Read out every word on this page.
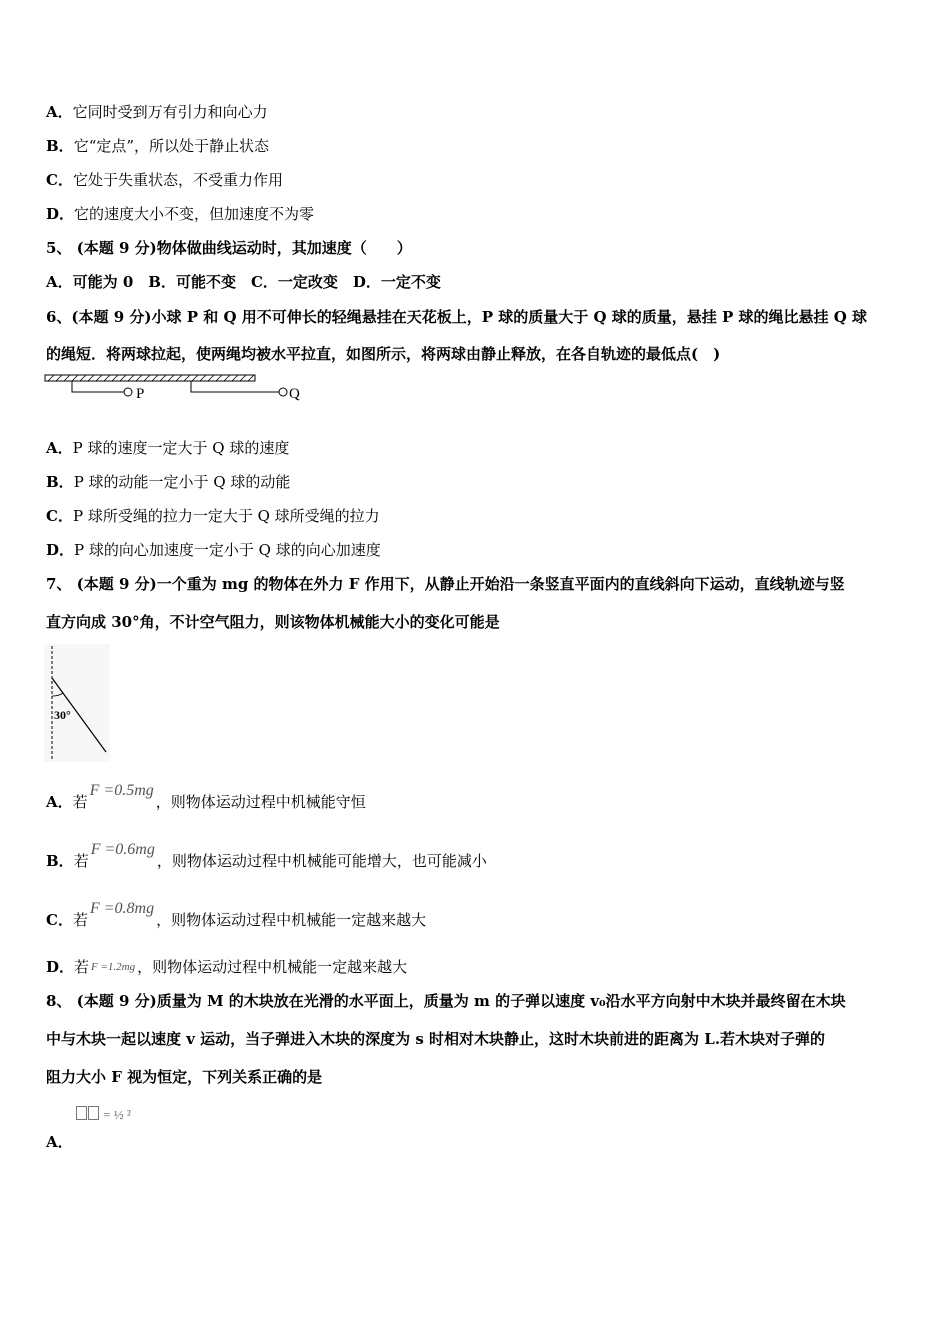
A．它同时受到万有引力和向心力
B．它“定点”，所以处于静止状态
C．它处于失重状态，不受重力作用
D．它的速度大小不变，但加速度不为零
5、 (本题 9 分)物体做曲线运动时，其加速度（　　）
A．可能为 0　B．可能不变　C．一定改变　D．一定不变
6、(本题 9 分)小球 P 和 Q 用不可伸长的轻绳悬挂在天花板上，P 球的质量大于 Q 球的质量，悬挂 P 球的绳比悬挂 Q 球
的绳短．将两球拉起，使两绳均被水平拉直，如图所示，将两球由静止释放，在各自轨迹的最低点(　)
P	Q
A．P 球的速度一定大于 Q 球的速度
B．P 球的动能一定小于 Q 球的动能
C．P 球所受绳的拉力一定大于 Q 球所受绳的拉力
D．P 球的向心加速度一定小于 Q 球的向心加速度
7、 (本题 9 分)一个重为 mg 的物体在外力 F 作用下，从静止开始沿一条竖直平面内的直线斜向下运动，直线轨迹与竖
直方向成 30°角，不计空气阻力，则该物体机械能大小的变化可能是
30°
A．若F =0.5mg，则物体运动过程中机械能守恒
B．若F =0.6mg，则物体运动过程中机械能可能增大，也可能减小
C．若F =0.8mg，则物体运动过程中机械能一定越来越大
D．若 F =1.2mg ，则物体运动过程中机械能一定越来越大
8、 (本题 9 分)质量为 M 的木块放在光滑的水平面上，质量为 m 的子弹以速度 v₀沿水平方向射中木块并最终留在木块
中与木块一起以速度 v 运动，当子弹进入木块的深度为 s 时相对木块静止，这时木块前进的距离为 L.若木块对子弹的
阻力大小 F 视为恒定，下列关系正确的是
A．
= ½ ²
